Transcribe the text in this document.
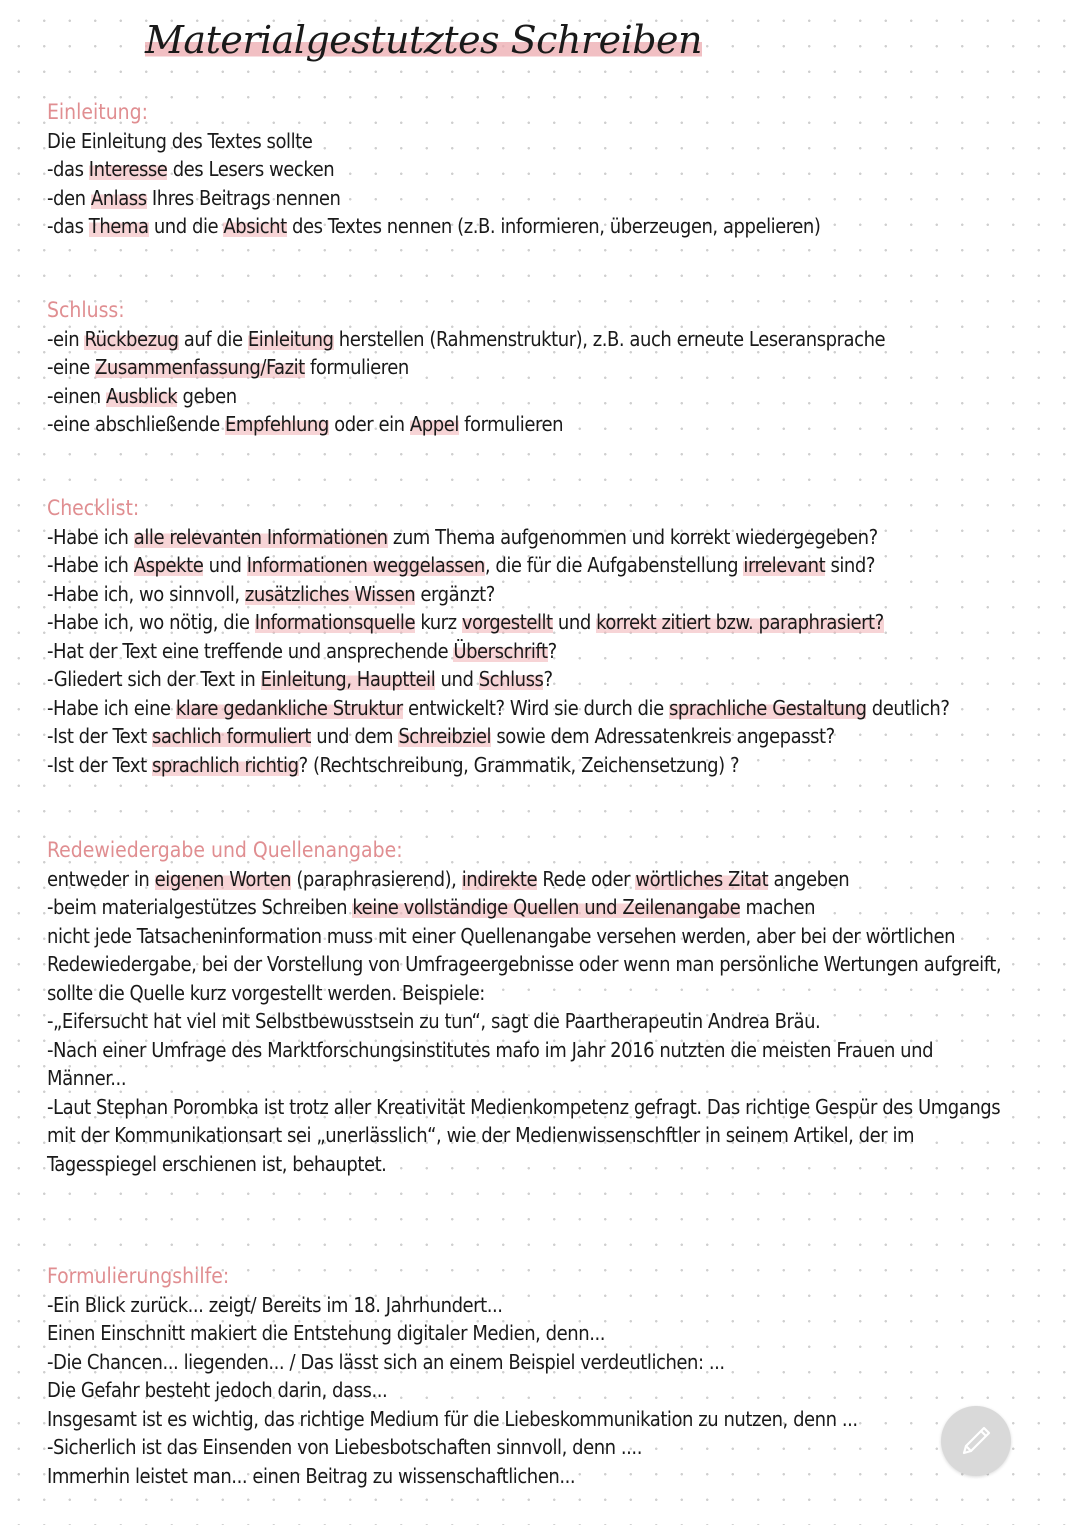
Materialgestutztes Schreiben
Einleitung:
Die Einleitung des Textes sollte
-das Interesse des Lesers wecken
-den Anlass Ihres Beitrags nennen
-das Thema und die Absicht des Textes nennen (z.B. informieren, überzeugen, appelieren)
Schluss:
-ein Rückbezug auf die Einleitung herstellen (Rahmenstruktur), z.B. auch erneute Leseransprache
-eine Zusammenfassung/Fazit formulieren
-einen Ausblick geben
-eine abschließende Empfehlung oder ein Appel formulieren
Checklist:
-Habe ich alle relevanten Informationen zum Thema aufgenommen und korrekt wiedergegeben?
-Habe ich Aspekte und Informationen weggelassen, die für die Aufgabenstellung irrelevant sind?
-Habe ich, wo sinnvoll, zusätzliches Wissen ergänzt?
-Habe ich, wo nötig, die Informationsquelle kurz vorgestellt und korrekt zitiert bzw. paraphrasiert?
-Hat der Text eine treffende und ansprechende Überschrift?
-Gliedert sich der Text in Einleitung, Hauptteil und Schluss?
-Habe ich eine klare gedankliche Struktur entwickelt? Wird sie durch die sprachliche Gestaltung deutlich?
-Ist der Text sachlich formuliert und dem Schreibziel sowie dem Adressatenkreis angepasst?
-Ist der Text sprachlich richtig? (Rechtschreibung, Grammatik, Zeichensetzung) ?
Redewiedergabe und Quellenangabe:
entweder in eigenen Worten (paraphrasierend), indirekte Rede oder wörtliches Zitat angeben
-beim materialgestützes Schreiben keine vollständige Quellen und Zeilenangabe machen
nicht jede Tatsacheninformation muss mit einer Quellenangabe versehen werden, aber bei der wörtlichen
Redewiedergabe, bei der Vorstellung von Umfrageergebnisse oder wenn man persönliche Wertungen aufgreift,
sollte die Quelle kurz vorgestellt werden. Beispiele:
-„Eifersucht hat viel mit Selbstbewusstsein zu tun“, sagt die Paartherapeutin Andrea Bräu.
-Nach einer Umfrage des Marktforschungsinstitutes mafo im Jahr 2016 nutzten die meisten Frauen und
Männer...
-Laut Stephan Porombka ist trotz aller Kreativität Medienkompetenz gefragt. Das richtige Gespür des Umgangs
mit der Kommunikationsart sei „unerlässlich“, wie der Medienwissenschftler in seinem Artikel, der im
Tagesspiegel erschienen ist, behauptet.
Formulierungshilfe:
-Ein Blick zurück... zeigt/ Bereits im 18. Jahrhundert...
Einen Einschnitt makiert die Entstehung digitaler Medien, denn...
-Die Chancen... liegenden... / Das lässt sich an einem Beispiel verdeutlichen: ...
Die Gefahr besteht jedoch darin, dass...
Insgesamt ist es wichtig, das richtige Medium für die Liebeskommunikation zu nutzen, denn ...
-Sicherlich ist das Einsenden von Liebesbotschaften sinnvoll, denn ....
Immerhin leistet man... einen Beitrag zu wissenschaftlichen...
